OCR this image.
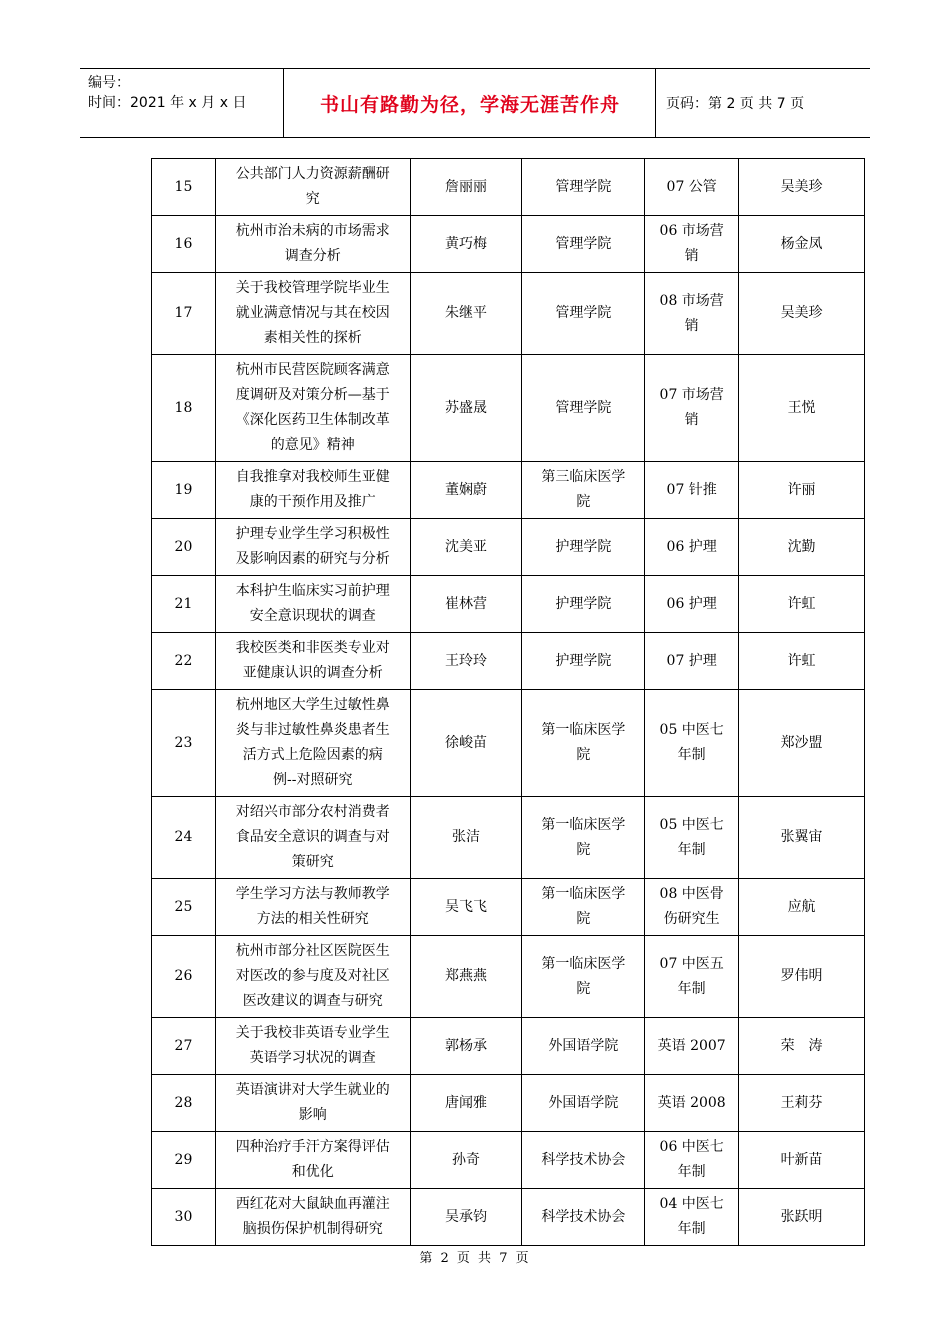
编号：
时间：2021 年 x 月 x 日	书山有路勤为径，学海无涯苦作舟	页码：第 2 页 共 7 页
15	公共部门人力资源薪酬研
究	詹丽丽	管理学院	07 公管	吴美珍
16	杭州市治未病的市场需求
调查分析	黄巧梅	管理学院	06 市场营
销	杨金凤
17	关于我校管理学院毕业生
就业满意情况与其在校因
素相关性的探析	朱继平	管理学院	08 市场营
销	吴美珍
18	杭州市民营医院顾客满意
度调研及对策分析—基于
《深化医药卫生体制改革
的意见》精神	苏盛晟	管理学院	07 市场营
销	王悦
19	自我推拿对我校师生亚健
康的干预作用及推广	董娴蔚	第三临床医学
院	07 针推	许丽
20	护理专业学生学习积极性
及影响因素的研究与分析	沈美亚	护理学院	06 护理	沈勤
21	本科护生临床实习前护理
安全意识现状的调查	崔林营	护理学院	06 护理	许虹
22	我校医类和非医类专业对
亚健康认识的调查分析	王玲玲	护理学院	07 护理	许虹
23	杭州地区大学生过敏性鼻
炎与非过敏性鼻炎患者生
活方式上危险因素的病
例--对照研究	徐峻苗	第一临床医学
院	05 中医七
年制	郑沙盟
24	对绍兴市部分农村消费者
食品安全意识的调查与对
策研究	张洁	第一临床医学
院	05 中医七
年制	张翼宙
25	学生学习方法与教师教学
方法的相关性研究	吴飞飞	第一临床医学
院	08 中医骨
伤研究生	应航
26	杭州市部分社区医院医生
对医改的参与度及对社区
医改建议的调查与研究	郑燕燕	第一临床医学
院	07 中医五
年制	罗伟明
27	关于我校非英语专业学生
英语学习状况的调查	郭杨承	外国语学院	英语 2007	荣　涛
28	英语演讲对大学生就业的
影响	唐闻雅	外国语学院	英语 2008	王莉芬
29	四种治疗手汗方案得评估
和优化	孙奇	科学技术协会	06 中医七
年制	叶新苗
30	西红花对大鼠缺血再灌注
脑损伤保护机制得研究	吴承钧	科学技术协会	04 中医七
年制	张跃明
第 2 页 共 7 页
